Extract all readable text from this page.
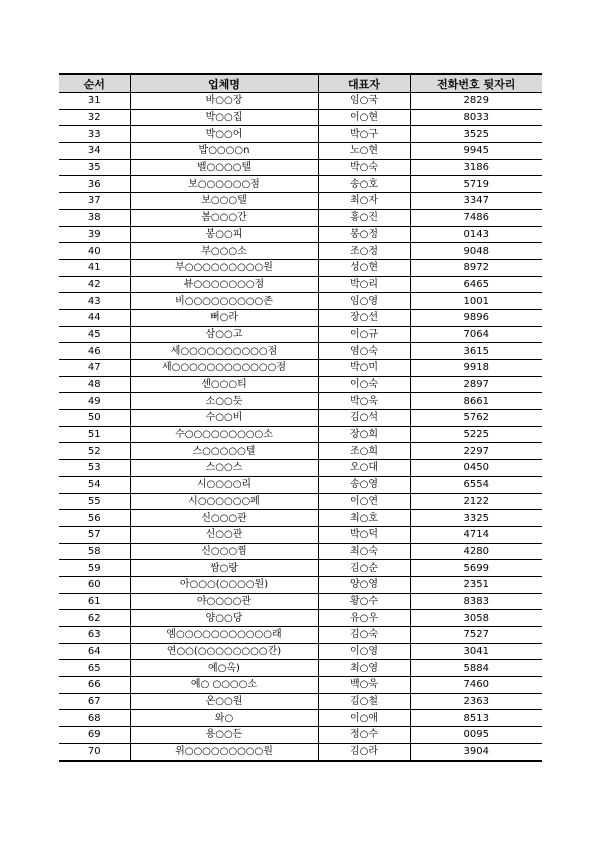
순서	업체명	대표자	전화번호 뒷자리
31	바○○장	임○국	2829
32	박○○집	이○현	8033
33	박○○어	박○구	3525
34	밥○○○○n	노○현	9945
35	벨○○○○텔	박○숙	3186
36	보○○○○○○점	송○호	5719
37	보○○○텔	최○자	3347
38	봄○○○간	홍○진	7486
39	봉○○피	봉○정	0143
40	부○○○소	조○정	9048
41	부○○○○○○○○○원	성○현	8972
42	뷰○○○○○○○점	박○리	6465
43	비○○○○○○○○○존	임○영	1001
44	뻐○라	장○선	9896
45	삼○○고	이○규	7064
46	세○○○○○○○○○○점	염○숙	3615
47	세○○○○○○○○○○○○점	박○미	9918
48	센○○○티	이○숙	2897
49	소○○듯	박○욱	8661
50	수○○비	김○석	5762
51	수○○○○○○○○○소	장○희	5225
52	스○○○○○텔	조○희	2297
53	스○○스	오○대	0450
54	시○○○○리	송○영	6554
55	시○○○○○○페	이○연	2122
56	신○○○관	최○호	3325
57	신○○관	박○덕	4714
58	신○○○찜	최○숙	4280
59	쌈○랑	김○순	5699
60	아○○○(○○○○원)	양○영	2351
61	야○○○○관	황○수	8383
62	양○○당	유○우	3058
63	엠○○○○○○○○○○○래	김○숙	7527
64	연○○(○○○○○○○○간)	이○영	3041
65	예○옥)	최○영	5884
66	예○ ○○○○소	백○욱	7460
67	온○○원	김○철	2363
68	와○	이○애	8513
69	용○○든	정○수	0095
70	위○○○○○○○○○원	김○라	3904
